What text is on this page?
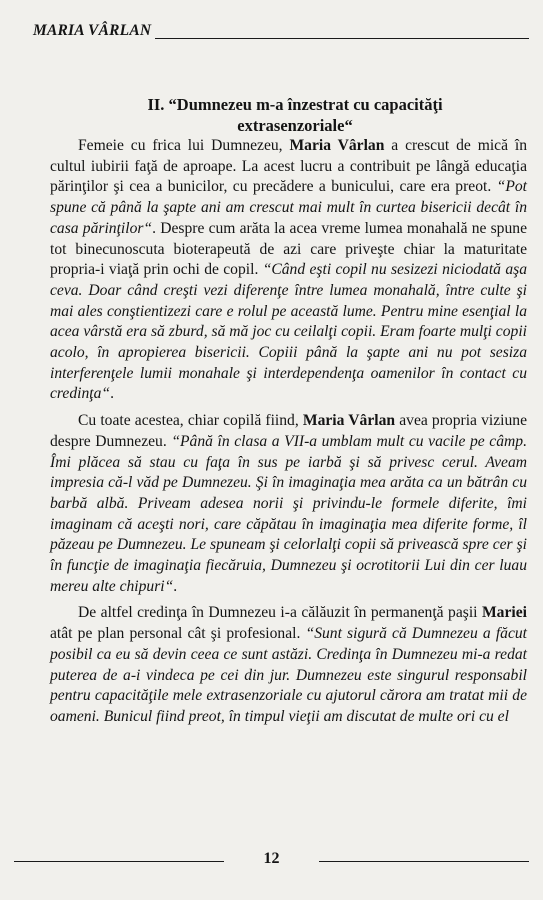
MARIA VÂRLAN
II. “Dumnezeu m-a înzestrat cu capacităţi
extrasenzoriale“

Femeie cu frica lui Dumnezeu, Maria Vârlan a crescut de mică în cultul iubirii faţă de aproape. La acest lucru a contribuit pe lângă educaţia părinţilor şi cea a bunicilor, cu precădere a bunicului, care era preot. “Pot spune că până la şapte ani am crescut mai mult în curtea bisericii decât în casa părinţilor“. Despre cum arăta la acea vreme lumea monahală ne spune tot binecunoscuta bioterapeută de azi care priveşte chiar la maturitate propria-i viaţă prin ochi de copil. “Când eşti copil nu sesizezi niciodată aşa ceva. Doar când creşti vezi diferenţe între lumea monahală, între culte şi mai ales conştientizezi care e rolul pe această lume. Pentru mine esenţial la acea vârstă era să zburd, să mă joc cu ceilalţi copii. Eram foarte mulţi copii acolo, în apropierea bisericii. Copiii până la şapte ani nu pot sesiza interferenţele lumii monahale şi interdependenţa oamenilor în contact cu credinţa“.

Cu toate acestea, chiar copilă fiind, Maria Vârlan avea propria viziune despre Dumnezeu. “Până în clasa a VII-a umblam mult cu vacile pe câmp. Îmi plăcea să stau cu faţa în sus pe iarbă şi să privesc cerul. Aveam impresia că-l văd pe Dumnezeu. Şi în imaginaţia mea arăta ca un bătrân cu barbă albă. Priveam adesea norii şi privindu-le formele diferite, îmi imaginam că aceşti nori, care căpătau în imaginaţia mea diferite forme, îl păzeau pe Dumnezeu. Le spuneam şi celorlalţi copii să privească spre cer şi în funcţie de imaginaţia fiecăruia, Dumnezeu şi ocrotitorii Lui din cer luau mereu alte chipuri“.

De altfel credinţa în Dumnezeu i-a călăuzit în permanenţă paşii Mariei atât pe plan personal cât şi profesional. “Sunt sigură că Dumnezeu a făcut posibil ca eu să devin ceea ce sunt astăzi. Credinţa în Dumnezeu mi-a redat puterea de a-i vindeca pe cei din jur. Dumnezeu este singurul responsabil pentru capacităţile mele extrasenzoriale cu ajutorul cărora am tratat mii de oameni. Bunicul fiind preot, în timpul vieţii am discutat de multe ori cu el

12
